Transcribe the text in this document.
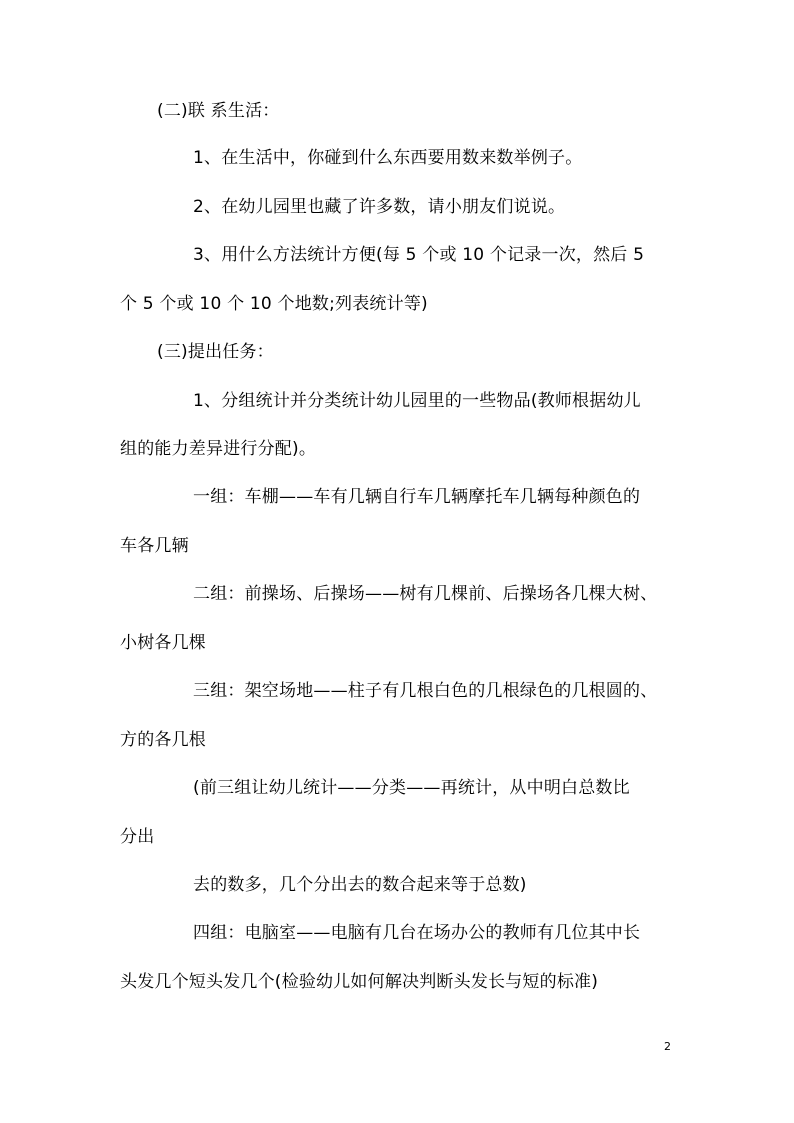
(二)联 系生活：
1、在生活中，你碰到什么东西要用数来数举例子。
2、在幼儿园里也藏了许多数，请小朋友们说说。
3、用什么方法统计方便(每 5 个或 10 个记录一次，然后 5
个 5 个或 10 个 10 个地数;列表统计等)
(三)提出任务：
1、分组统计并分类统计幼儿园里的一些物品(教师根据幼儿
组的能力差异进行分配)。
一组：车棚——车有几辆自行车几辆摩托车几辆每种颜色的
车各几辆
二组：前操场、后操场——树有几棵前、后操场各几棵大树、
小树各几棵
三组：架空场地——柱子有几根白色的几根绿色的几根圆的、
方的各几根
(前三组让幼儿统计——分类——再统计，从中明白总数比
分出
去的数多，几个分出去的数合起来等于总数)
四组：电脑室——电脑有几台在场办公的教师有几位其中长
头发几个短头发几个(检验幼儿如何解决判断头发长与短的标准)
2
